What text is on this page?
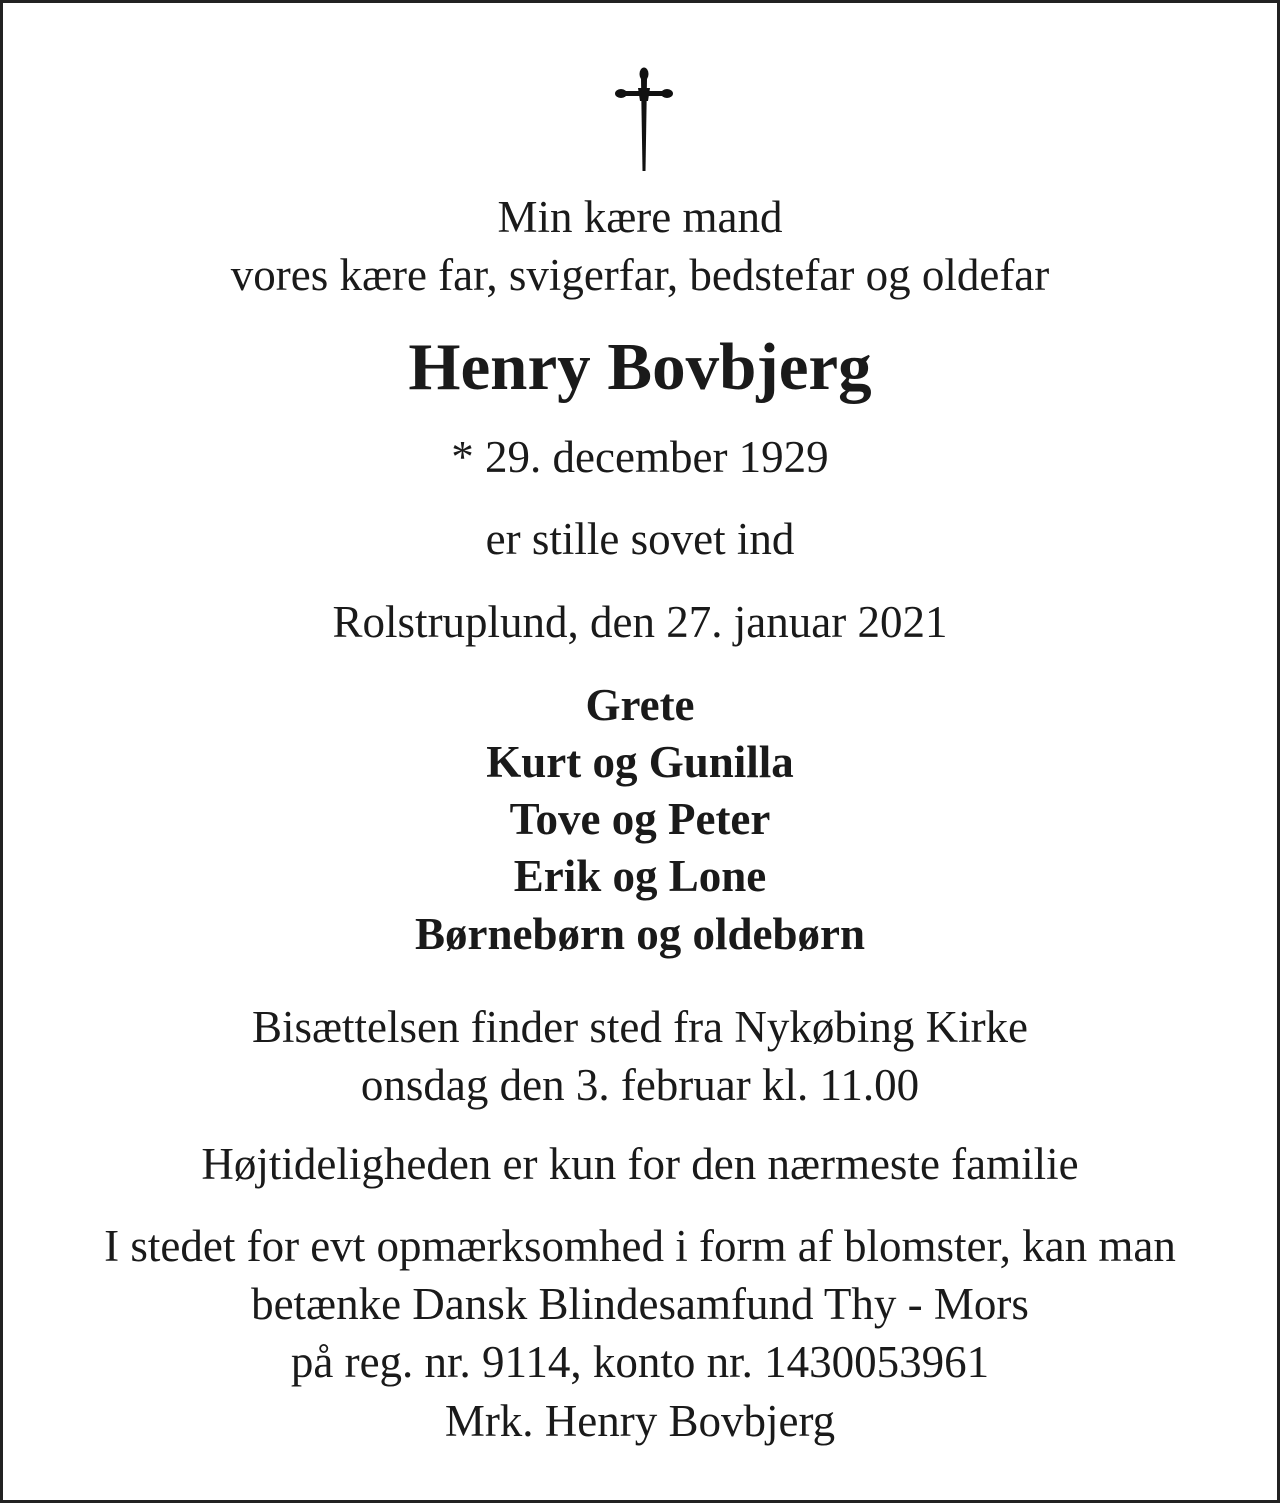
Min kære mand

vores kære far, svigerfar, bedstefar og oldefar

Henry Bovbjerg

* 29. december 1929

er stille sovet ind

Rolstruplund, den 27. januar 2021

Grete

Kurt og Gunilla

Tove og Peter

Erik og Lone

Børnebørn og oldebørn

Bisættelsen finder sted fra Nykøbing Kirke

onsdag den 3. februar kl. 11.00

Højtideligheden er kun for den nærmeste familie

I stedet for evt opmærksomhed i form af blomster, kan man

betænke Dansk Blindesamfund Thy - Mors

på reg. nr. 9114, konto nr. 1430053961

Mrk. Henry Bovbjerg
